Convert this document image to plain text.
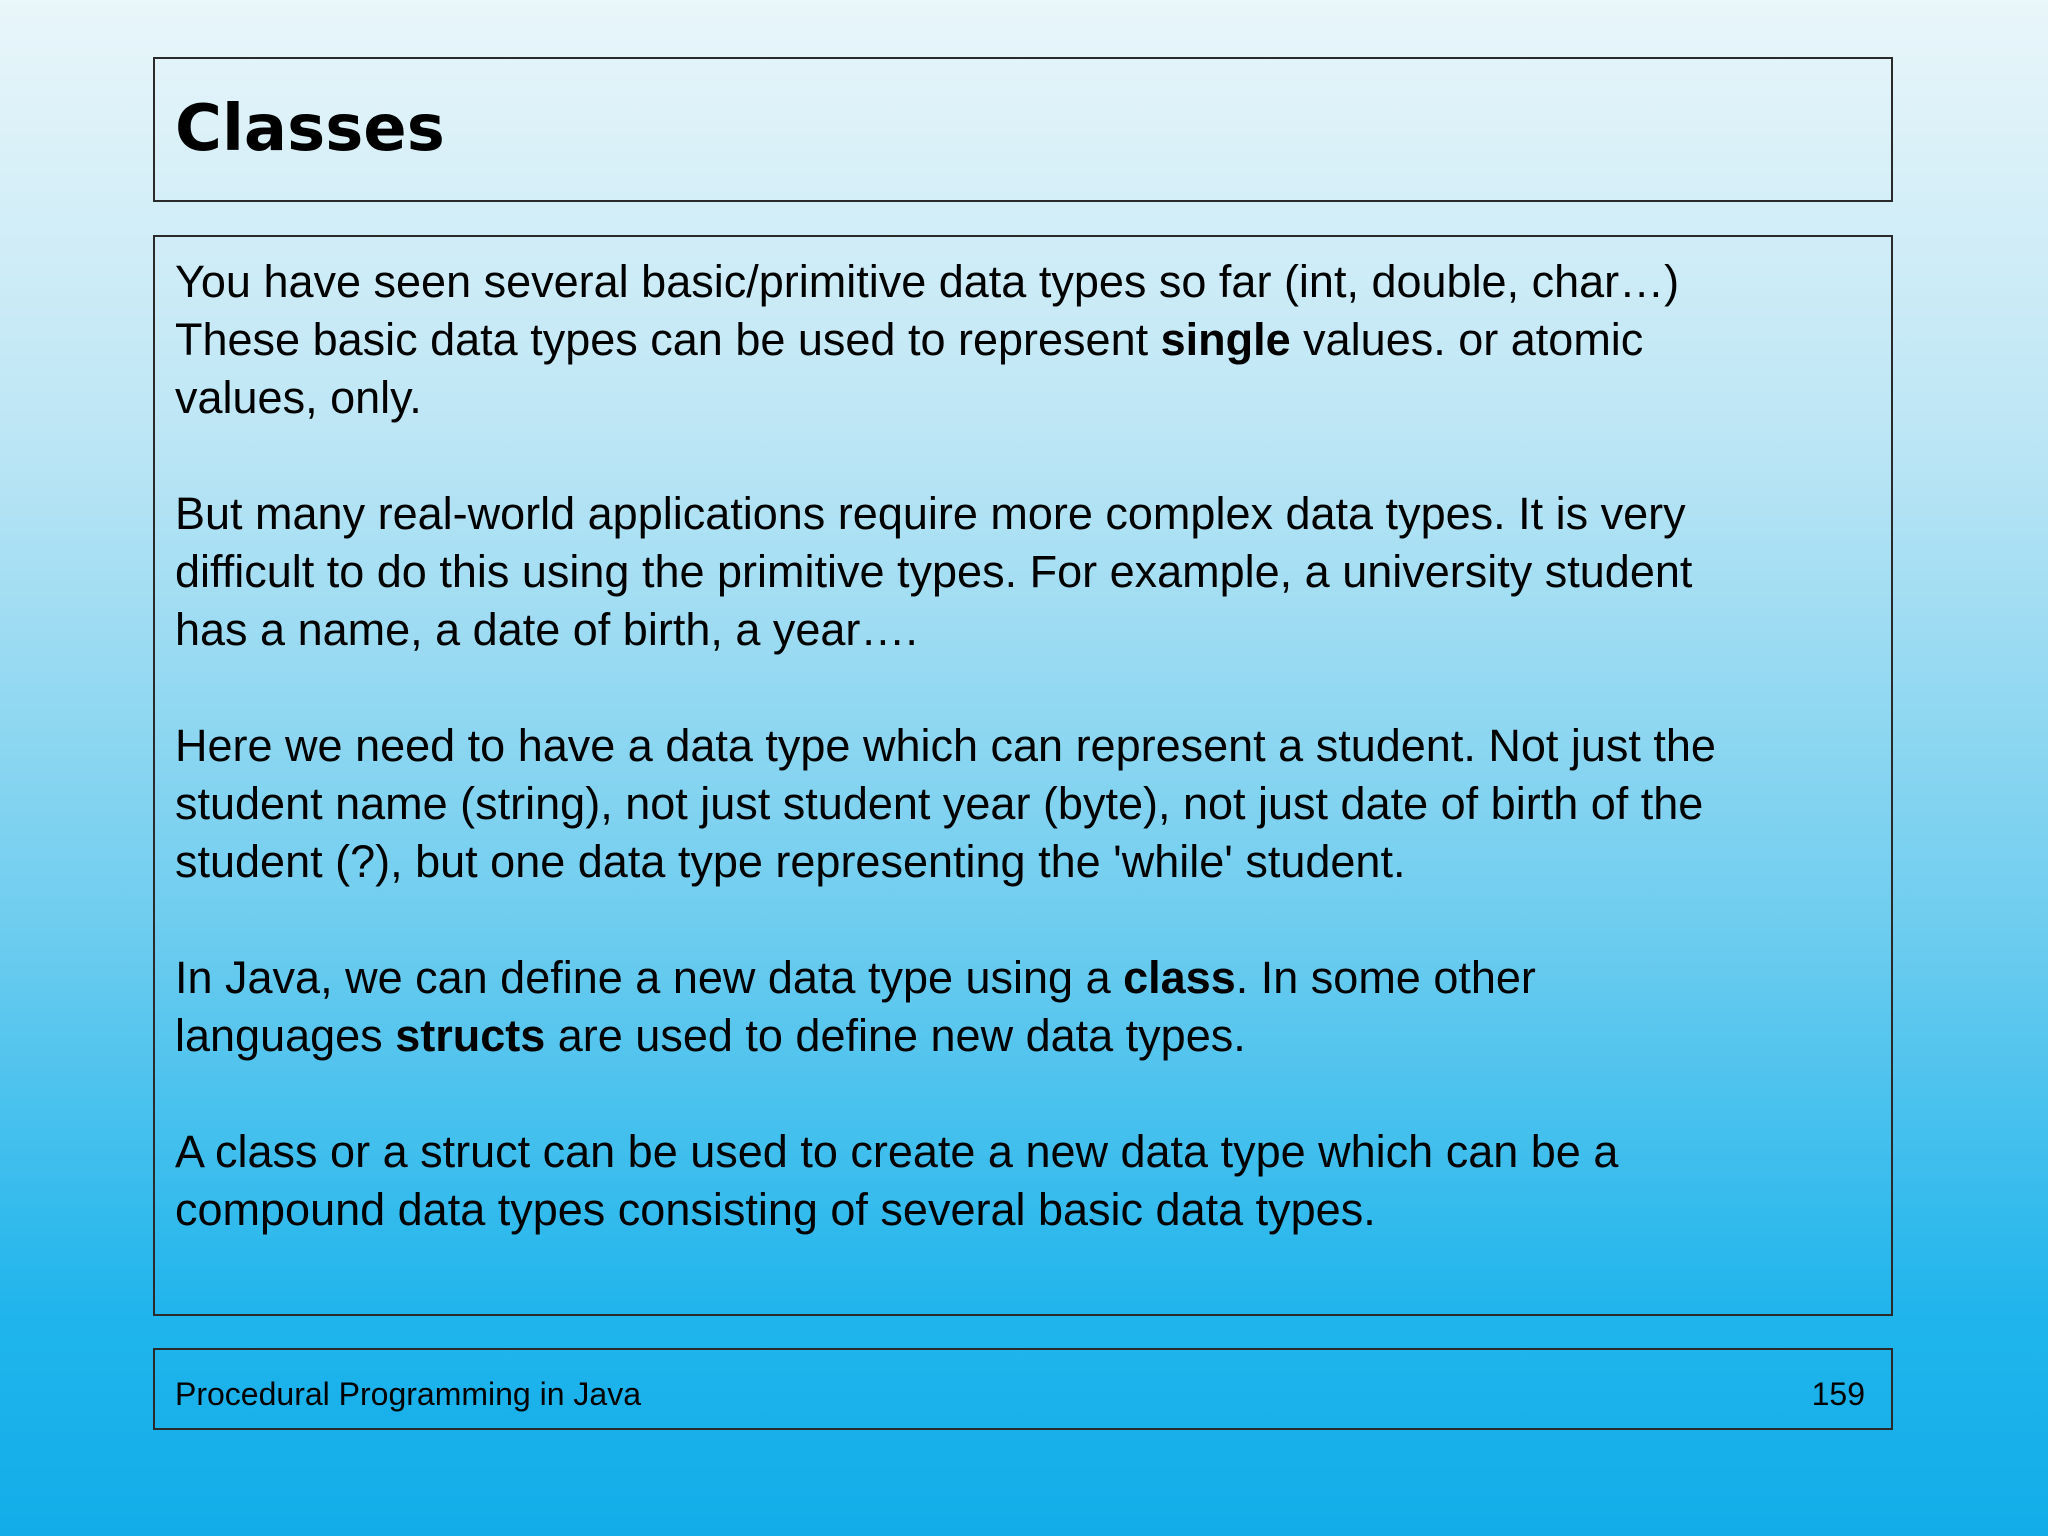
Classes

You have seen several basic/primitive data types so far (int, double, char…)
These basic data types can be used to represent single values. or atomic
values, only.

But many real-world applications require more complex data types. It is very
difficult to do this using the primitive types. For example, a university student
has a name, a date of birth, a year….

Here we need to have a data type which can represent a student. Not just the
student name (string), not just student year (byte), not just date of birth of the
student (?), but one data type representing the 'while' student.

In Java, we can define a new data type using a class. In some other
languages structs are used to define new data types.

A class or a struct can be used to create a new data type which can be a
compound data types consisting of several basic data types.

Procedural Programming in Java	159
